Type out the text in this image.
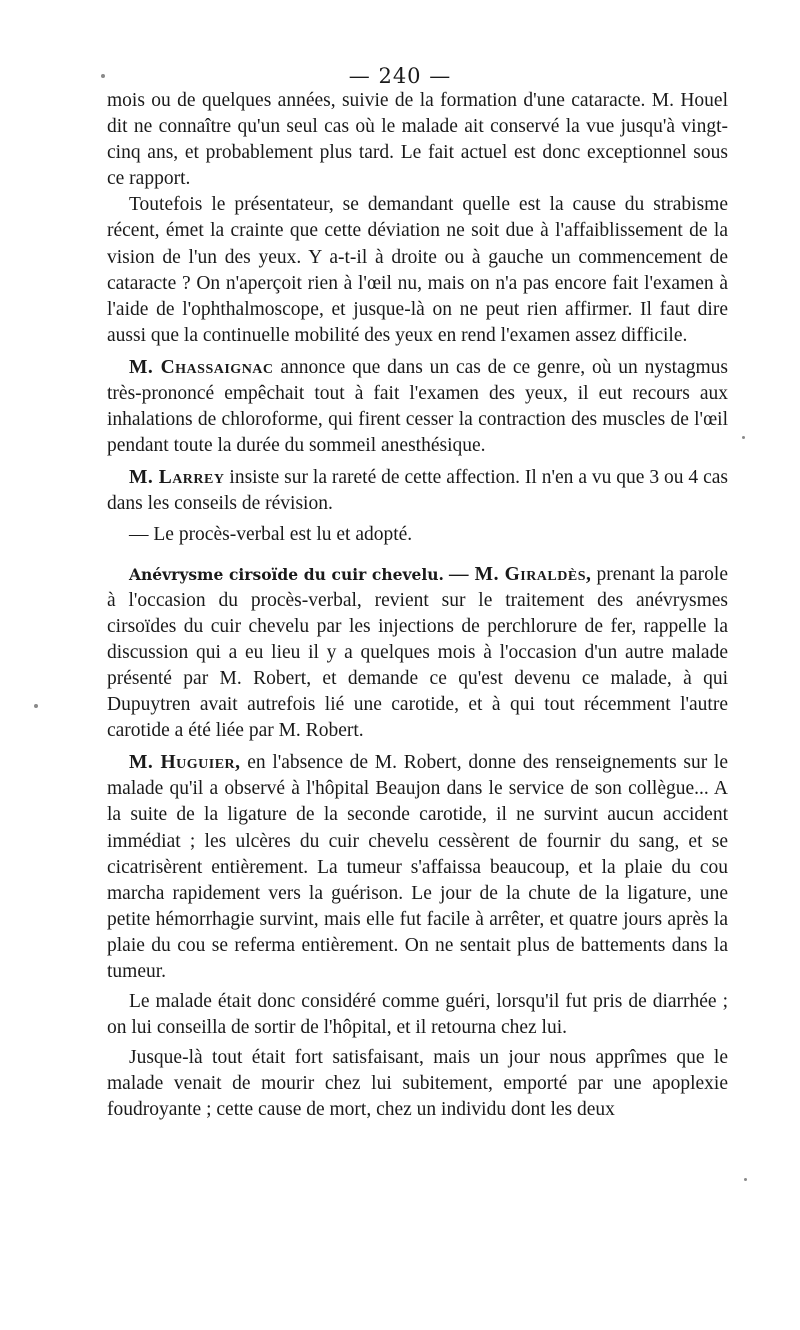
— 240 —

mois ou de quelques années, suivie de la formation d'une cataracte. M. Houel dit ne connaître qu'un seul cas où le malade ait conservé la vue jusqu'à vingt-cinq ans, et probablement plus tard. Le fait actuel est donc exceptionnel sous ce rapport.

Toutefois le présentateur, se demandant quelle est la cause du strabisme récent, émet la crainte que cette déviation ne soit due à l'affaiblissement de la vision de l'un des yeux. Y a-t-il à droite ou à gauche un commencement de cataracte ? On n'aperçoit rien à l'œil nu, mais on n'a pas encore fait l'examen à l'aide de l'ophthalmoscope, et jusque-là on ne peut rien affirmer. Il faut dire aussi que la continuelle mobilité des yeux en rend l'examen assez difficile.

M. Chassaignac annonce que dans un cas de ce genre, où un nystagmus très-prononcé empêchait tout à fait l'examen des yeux, il eut recours aux inhalations de chloroforme, qui firent cesser la contraction des muscles de l'œil pendant toute la durée du sommeil anesthésique.

M. Larrey insiste sur la rareté de cette affection. Il n'en a vu que 3 ou 4 cas dans les conseils de révision.

— Le procès-verbal est lu et adopté.

Anévrysme cirsoïde du cuir chevelu. — M. Giraldès, prenant la parole à l'occasion du procès-verbal, revient sur le traitement des anévrysmes cirsoïdes du cuir chevelu par les injections de perchlorure de fer, rappelle la discussion qui a eu lieu il y a quelques mois à l'occasion d'un autre malade présenté par M. Robert, et demande ce qu'est devenu ce malade, à qui Dupuytren avait autrefois lié une carotide, et à qui tout récemment l'autre carotide a été liée par M. Robert.

M. Huguier, en l'absence de M. Robert, donne des renseignements sur le malade qu'il a observé à l'hôpital Beaujon dans le service de son collègue... A la suite de la ligature de la seconde carotide, il ne survint aucun accident immédiat ; les ulcères du cuir chevelu cessèrent de fournir du sang, et se cicatrisèrent entièrement. La tumeur s'affaissa beaucoup, et la plaie du cou marcha rapidement vers la guérison. Le jour de la chute de la ligature, une petite hémorrhagie survint, mais elle fut facile à arrêter, et quatre jours après la plaie du cou se referma entièrement. On ne sentait plus de battements dans la tumeur.

Le malade était donc considéré comme guéri, lorsqu'il fut pris de diarrhée ; on lui conseilla de sortir de l'hôpital, et il retourna chez lui.

Jusque-là tout était fort satisfaisant, mais un jour nous apprîmes que le malade venait de mourir chez lui subitement, emporté par une apoplexie foudroyante ; cette cause de mort, chez un individu dont les deux
